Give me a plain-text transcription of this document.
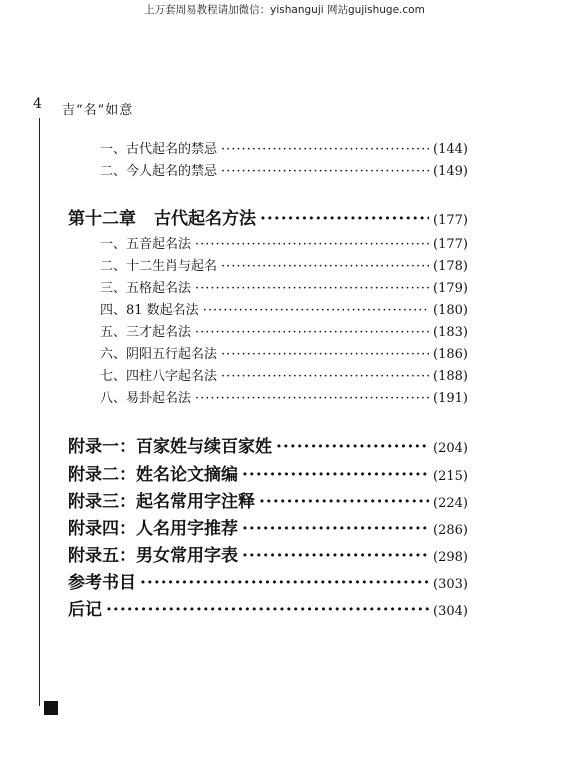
上万套周易教程请加微信：yishanguji 网站gujishuge.com
4 吉“名”如意
一、古代起名的禁忌 ·····	(144)
二、今人起名的禁忌 ·····	(149)
第十二章 古代起名方法 ·····	(177)
一、五音起名法 ·····	(177)
二、十二生肖与起名 ·····	(178)
三、五格起名法 ·····	(179)
四、81 数起名法 ·····	(180)
五、三才起名法 ·····	(183)
六、阴阳五行起名法 ·····	(186)
七、四柱八字起名法 ·····	(188)
八、易卦起名法 ·····	(191)
附录一：百家姓与续百家姓 ·····	(204)
附录二：姓名论文摘编 ·····	(215)
附录三：起名常用字注释 ·····	(224)
附录四：人名用字推荐 ·····	(286)
附录五：男女常用字表 ·····	(298)
参考书目 ·····	(303)
后记 ·····	(304)
